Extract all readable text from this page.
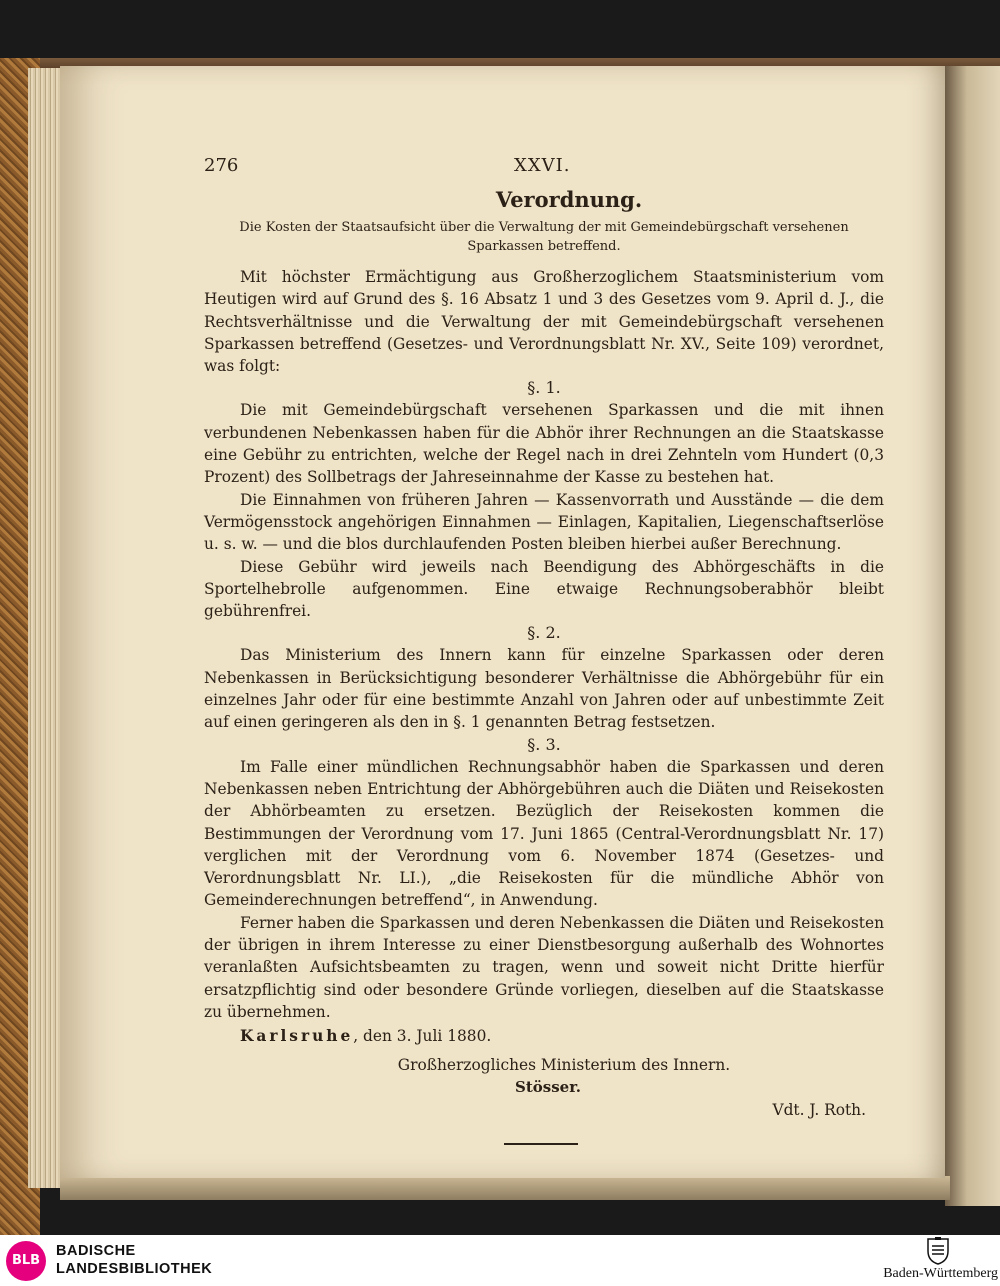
276	XXVI.
Verordnung.
Die Kosten der Staatsaufsicht über die Verwaltung der mit Gemeindebürgschaft versehenen Sparkassen betreffend.

Mit höchster Ermächtigung aus Großherzoglichem Staatsministerium vom Heutigen wird auf Grund des §. 16 Absatz 1 und 3 des Gesetzes vom 9. April d. J., die Rechtsverhältnisse und die Verwaltung der mit Gemeindebürgschaft versehenen Sparkassen betreffend (Gesetzes- und Verordnungsblatt Nr. XV., Seite 109) verordnet, was folgt:

§. 1.

Die mit Gemeindebürgschaft versehenen Sparkassen und die mit ihnen verbundenen Nebenkassen haben für die Abhör ihrer Rechnungen an die Staatskasse eine Gebühr zu entrichten, welche der Regel nach in drei Zehnteln vom Hundert (0,3 Prozent) des Sollbetrags der Jahreseinnahme der Kasse zu bestehen hat.

Die Einnahmen von früheren Jahren — Kassenvorrath und Ausstände — die dem Vermögensstock angehörigen Einnahmen — Einlagen, Kapitalien, Liegenschaftserlöse u. s. w. — und die blos durchlaufenden Posten bleiben hierbei außer Berechnung.

Diese Gebühr wird jeweils nach Beendigung des Abhörgeschäfts in die Sportelhebrolle aufgenommen. Eine etwaige Rechnungsoberabhör bleibt gebührenfrei.

§. 2.

Das Ministerium des Innern kann für einzelne Sparkassen oder deren Nebenkassen in Berücksichtigung besonderer Verhältnisse die Abhörgebühr für ein einzelnes Jahr oder für eine bestimmte Anzahl von Jahren oder auf unbestimmte Zeit auf einen geringeren als den in §. 1 genannten Betrag festsetzen.

§. 3.

Im Falle einer mündlichen Rechnungsabhör haben die Sparkassen und deren Nebenkassen neben Entrichtung der Abhörgebühren auch die Diäten und Reisekosten der Abhörbeamten zu ersetzen. Bezüglich der Reisekosten kommen die Bestimmungen der Verordnung vom 17. Juni 1865 (Central-Verordnungsblatt Nr. 17) verglichen mit der Verordnung vom 6. November 1874 (Gesetzes- und Verordnungsblatt Nr. LI.), „die Reisekosten für die mündliche Abhör von Gemeinderechnungen betreffend“, in Anwendung.

Ferner haben die Sparkassen und deren Nebenkassen die Diäten und Reisekosten der übrigen in ihrem Interesse zu einer Dienstbesorgung außerhalb des Wohnortes veranlaßten Aufsichtsbeamten zu tragen, wenn und soweit nicht Dritte hierfür ersatzpflichtig sind oder besondere Gründe vorliegen, dieselben auf die Staatskasse zu übernehmen.

Karlsruhe, den 3. Juli 1880.

Großherzogliches Ministerium des Innern.
Stösser.
Vdt. J. Roth.
BLB
BADISCHE
LANDESBIBLIOTHEK	Baden-Württemberg
